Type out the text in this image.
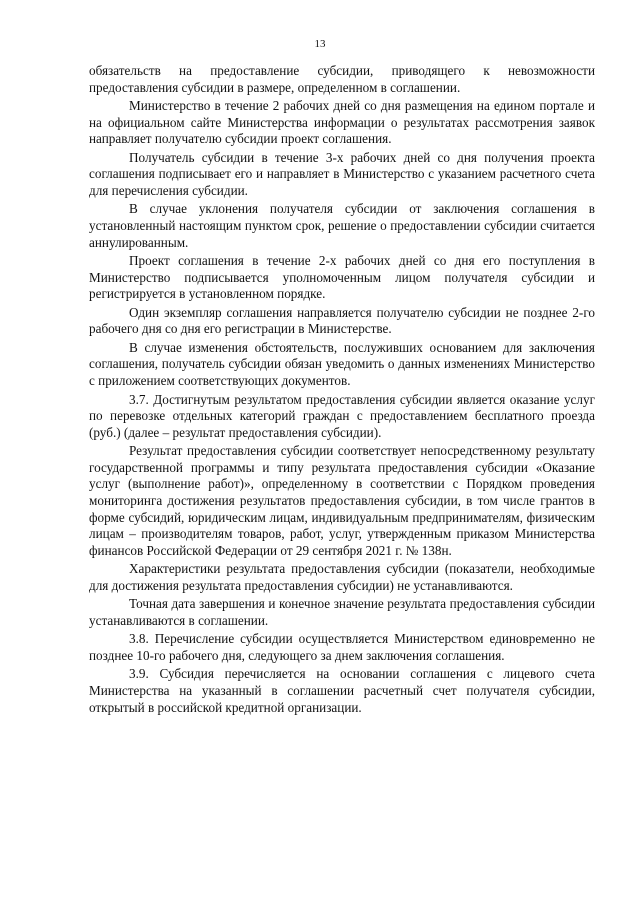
13

обязательств на предоставление субсидии, приводящего к невозможности предоставления субсидии в размере, определенном в соглашении.

Министерство в течение 2 рабочих дней со дня размещения на едином портале и на официальном сайте Министерства информации о результатах рассмотрения заявок направляет получателю субсидии проект соглашения.

Получатель субсидии в течение 3-х рабочих дней со дня получения проекта соглашения подписывает его и направляет в Министерство с указанием расчетного счета для перечисления субсидии.

В случае уклонения получателя субсидии от заключения соглашения в установленный настоящим пунктом срок, решение о предоставлении субсидии считается аннулированным.

Проект соглашения в течение 2-х рабочих дней со дня его поступления в Министерство подписывается уполномоченным лицом получателя субсидии и регистрируется в установленном порядке.

Один экземпляр соглашения направляется получателю субсидии не позднее 2-го рабочего дня со дня его регистрации в Министерстве.

В случае изменения обстоятельств, послуживших основанием для заключения соглашения, получатель субсидии обязан уведомить о данных изменениях Министерство с приложением соответствующих документов.

3.7. Достигнутым результатом предоставления субсидии является оказание услуг по перевозке отдельных категорий граждан с предоставлением бесплатного проезда (руб.) (далее – результат предоставления субсидии).

Результат предоставления субсидии соответствует непосредственному результату государственной программы и типу результата предоставления субсидии «Оказание услуг (выполнение работ)», определенному в соответствии с Порядком проведения мониторинга достижения результатов предоставления субсидии, в том числе грантов в форме субсидий, юридическим лицам, индивидуальным предпринимателям, физическим лицам – производителям товаров, работ, услуг, утвержденным приказом Министерства финансов Российской Федерации от 29 сентября 2021 г. № 138н.

Характеристики результата предоставления субсидии (показатели, необходимые для достижения результата предоставления субсидии) не устанавливаются.

Точная дата завершения и конечное значение результата предоставления субсидии устанавливаются в соглашении.

3.8. Перечисление субсидии осуществляется Министерством единовременно не позднее 10-го рабочего дня, следующего за днем заключения соглашения.

3.9. Субсидия перечисляется на основании соглашения с лицевого счета Министерства на указанный в соглашении расчетный счет получателя субсидии, открытый в российской кредитной организации.
